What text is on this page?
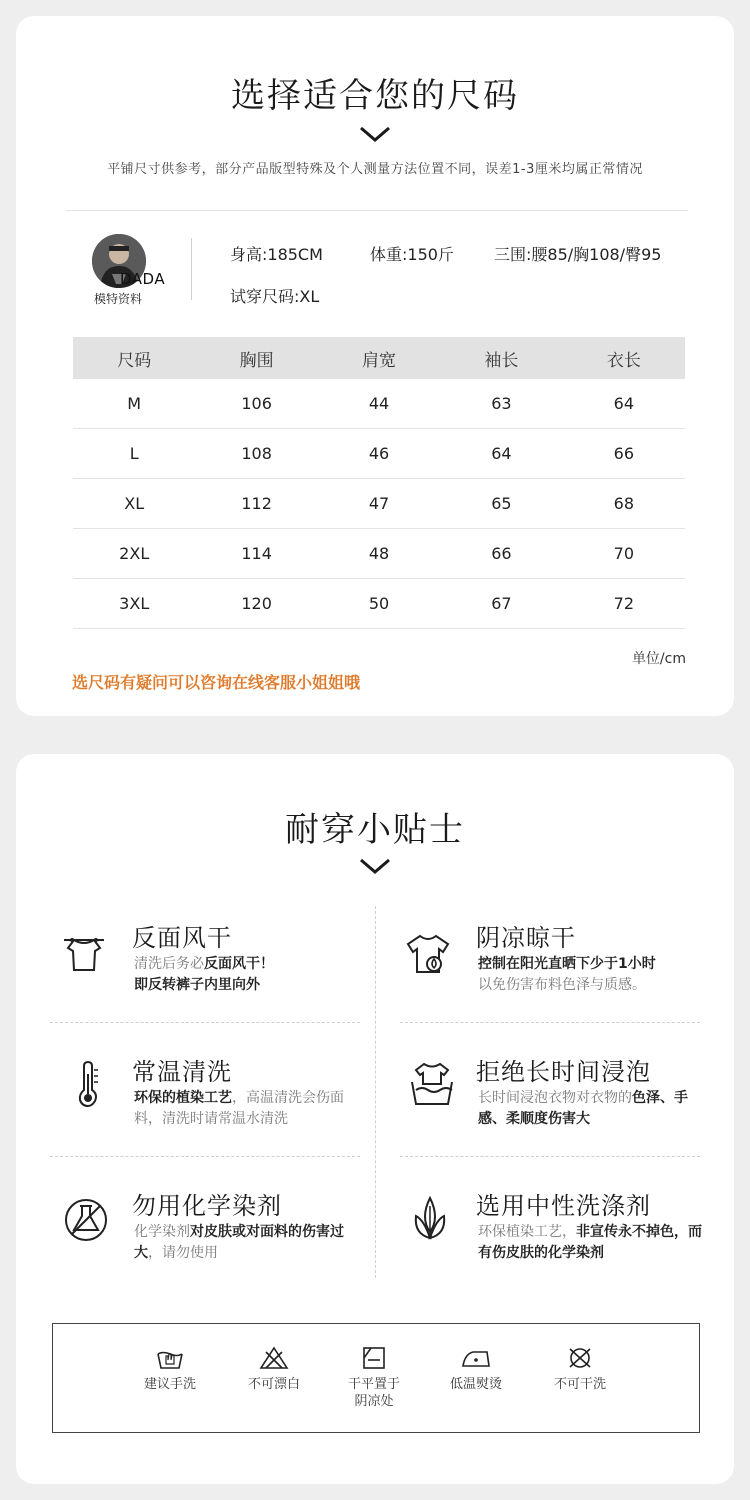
选择适合您的尺码
平铺尺寸供参考，部分产品版型特殊及个人测量方法位置不同，误差1-3厘米均属正常情况
DADA
模特资料
身高:185CM	体重:150斤	三围:腰85/胸108/臀95
试穿尺码:XL
尺码	胸围	肩宽	袖长	衣长
M	106	44	63	64
L	108	46	64	66
XL	112	47	65	68
2XL	114	48	66	70
3XL	120	50	67	72
单位/cm
选尺码有疑问可以咨询在线客服小姐姐哦
耐穿小贴士
反面风干
清洗后务必反面风干！
即反转裤子内里向外
阴凉晾干
控制在阳光直晒下少于1小时
以免伤害布料色泽与质感。
常温清洗
环保的植染工艺，高温清洗会伤面料，清洗时请常温水清洗
拒绝长时间浸泡
长时间浸泡衣物对衣物的色泽、手感、柔顺度伤害大
勿用化学染剂
化学染剂对皮肤或对面料的伤害过大，请勿使用
选用中性洗涤剂
环保植染工艺，非宣传永不掉色，而有伤皮肤的化学染剂
建议手洗	不可漂白	干平置于
阴凉处
低温熨烫	不可干洗
